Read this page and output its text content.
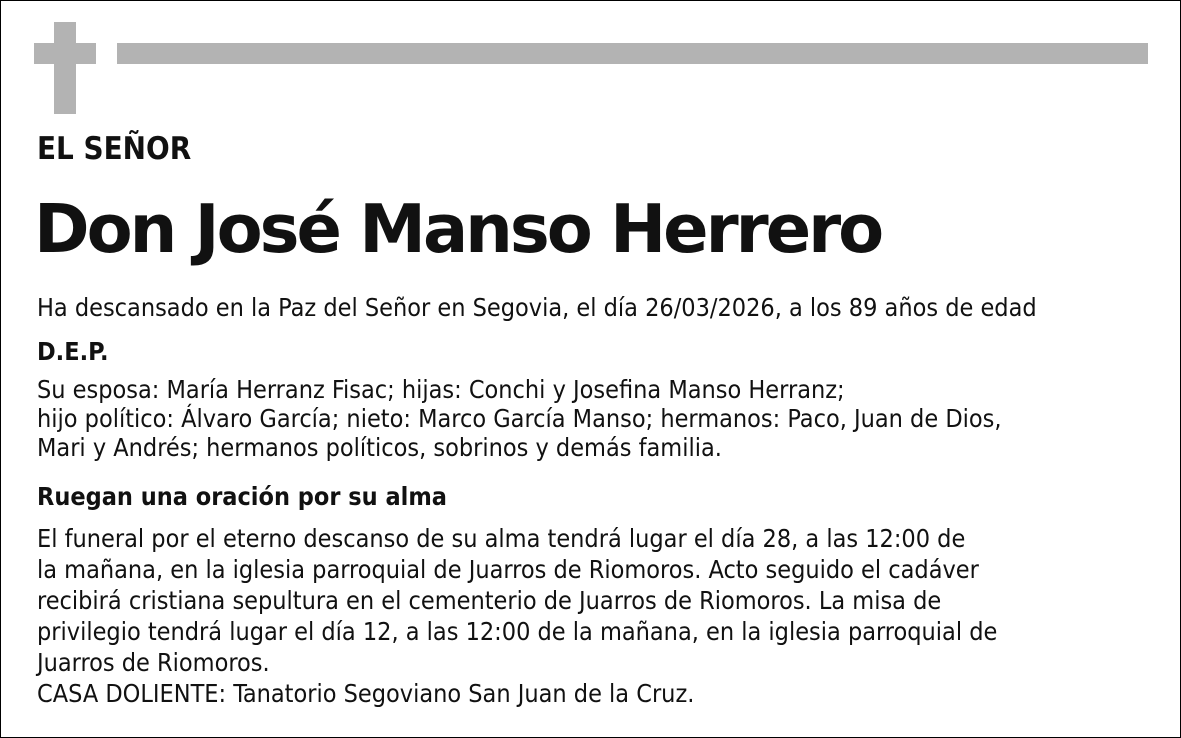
EL SEÑOR
Don José Manso Herrero
Ha descansado en la Paz del Señor en Segovia, el día 26/03/2026, a los 89 años de edad
D.E.P.
Su esposa: María Herranz Fisac; hijas: Conchi y Josefina Manso Herranz;
hijo político: Álvaro García; nieto: Marco García Manso; hermanos: Paco, Juan de Dios,
Mari y Andrés; hermanos políticos, sobrinos y demás familia.
Ruegan una oración por su alma
El funeral por el eterno descanso de su alma tendrá lugar el día 28, a las 12:00 de
la mañana, en la iglesia parroquial de Juarros de Riomoros. Acto seguido el cadáver
recibirá cristiana sepultura en el cementerio de Juarros de Riomoros. La misa de
privilegio tendrá lugar el día 12, a las 12:00 de la mañana, en la iglesia parroquial de
Juarros de Riomoros.
CASA DOLIENTE: Tanatorio Segoviano San Juan de la Cruz.
